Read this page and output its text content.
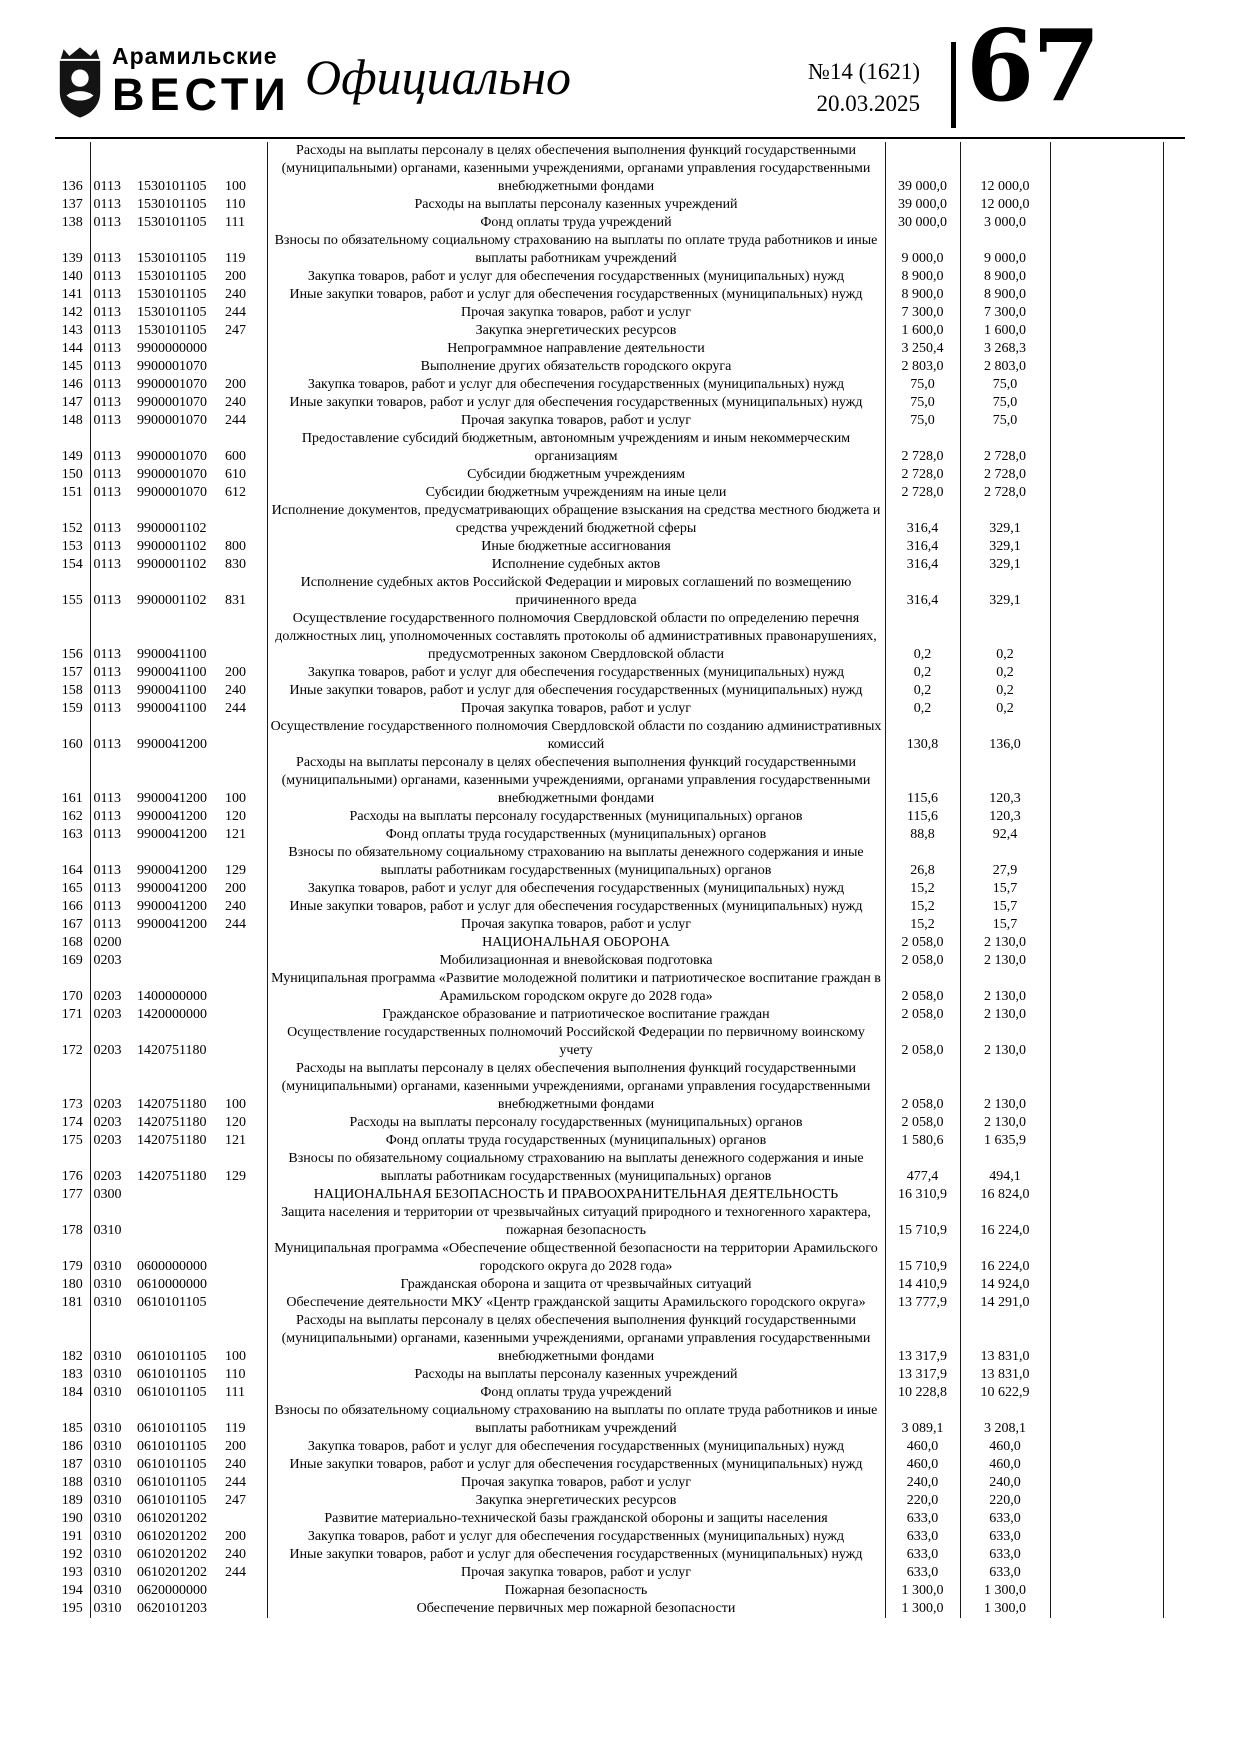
Арамильские
ВЕСТИ Официально	№14 (1621)
20.03.2025 67
136	0113	1530101105	100	Расходы на выплаты персоналу в целях обеспечения выполнения функций государственными (муниципальными) органами, казенными учреждениями, органами управления государственными внебюджетными фондами	39 000,0	12 000,0	
137	0113	1530101105	110	Расходы на выплаты персоналу казенных учреждений	39 000,0	12 000,0	
138	0113	1530101105	111	Фонд оплаты труда учреждений	30 000,0	3 000,0	
139	0113	1530101105	119	Взносы по обязательному социальному страхованию на выплаты по оплате труда работников и иные выплаты работникам учреждений	9 000,0	9 000,0	
140	0113	1530101105	200	Закупка товаров, работ и услуг для обеспечения государственных (муниципальных) нужд	8 900,0	8 900,0	
141	0113	1530101105	240	Иные закупки товаров, работ и услуг для обеспечения государственных (муниципальных) нужд	8 900,0	8 900,0	
142	0113	1530101105	244	Прочая закупка товаров, работ и услуг	7 300,0	7 300,0	
143	0113	1530101105	247	Закупка энергетических ресурсов	1 600,0	1 600,0	
144	0113	9900000000		Непрограммное направление деятельности	3 250,4	3 268,3	
145	0113	9900001070		Выполнение других обязательств городского округа	2 803,0	2 803,0	
146	0113	9900001070	200	Закупка товаров, работ и услуг для обеспечения государственных (муниципальных) нужд	75,0	75,0	
147	0113	9900001070	240	Иные закупки товаров, работ и услуг для обеспечения государственных (муниципальных) нужд	75,0	75,0	
148	0113	9900001070	244	Прочая закупка товаров, работ и услуг	75,0	75,0	
149	0113	9900001070	600	Предоставление субсидий бюджетным, автономным учреждениям и иным некоммерческим организациям	2 728,0	2 728,0	
150	0113	9900001070	610	Субсидии бюджетным учреждениям	2 728,0	2 728,0	
151	0113	9900001070	612	Субсидии бюджетным учреждениям на иные цели	2 728,0	2 728,0	
152	0113	9900001102		Исполнение документов, предусматривающих обращение взыскания на средства местного бюджета и средства учреждений бюджетной сферы	316,4	329,1	
153	0113	9900001102	800	Иные бюджетные ассигнования	316,4	329,1	
154	0113	9900001102	830	Исполнение судебных актов	316,4	329,1	
155	0113	9900001102	831	Исполнение судебных актов Российской Федерации и мировых соглашений по возмещению причиненного вреда	316,4	329,1	
156	0113	9900041100		Осуществление государственного полномочия Свердловской области по определению перечня должностных лиц, уполномоченных составлять протоколы об административных правонарушениях, предусмотренных законом Свердловской области	0,2	0,2	
157	0113	9900041100	200	Закупка товаров, работ и услуг для обеспечения государственных (муниципальных) нужд	0,2	0,2	
158	0113	9900041100	240	Иные закупки товаров, работ и услуг для обеспечения государственных (муниципальных) нужд	0,2	0,2	
159	0113	9900041100	244	Прочая закупка товаров, работ и услуг	0,2	0,2	
160	0113	9900041200		Осуществление государственного полномочия Свердловской области по созданию административных комиссий	130,8	136,0	
161	0113	9900041200	100	Расходы на выплаты персоналу в целях обеспечения выполнения функций государственными (муниципальными) органами, казенными учреждениями, органами управления государственными внебюджетными фондами	115,6	120,3	
162	0113	9900041200	120	Расходы на выплаты персоналу государственных (муниципальных) органов	115,6	120,3	
163	0113	9900041200	121	Фонд оплаты труда государственных (муниципальных) органов	88,8	92,4	
164	0113	9900041200	129	Взносы по обязательному социальному страхованию на выплаты денежного содержания и иные выплаты работникам государственных (муниципальных) органов	26,8	27,9	
165	0113	9900041200	200	Закупка товаров, работ и услуг для обеспечения государственных (муниципальных) нужд	15,2	15,7	
166	0113	9900041200	240	Иные закупки товаров, работ и услуг для обеспечения государственных (муниципальных) нужд	15,2	15,7	
167	0113	9900041200	244	Прочая закупка товаров, работ и услуг	15,2	15,7	
168	0200			НАЦИОНАЛЬНАЯ ОБОРОНА	2 058,0	2 130,0	
169	0203			Мобилизационная и вневойсковая подготовка	2 058,0	2 130,0	
170	0203	1400000000		Муниципальная программа «Развитие молодежной политики и патриотическое воспитание граждан в Арамильском городском округе до 2028 года»	2 058,0	2 130,0	
171	0203	1420000000		Гражданское образование и патриотическое воспитание граждан	2 058,0	2 130,0	
172	0203	1420751180		Осуществление государственных полномочий Российской Федерации по первичному воинскому учету	2 058,0	2 130,0	
173	0203	1420751180	100	Расходы на выплаты персоналу в целях обеспечения выполнения функций государственными (муниципальными) органами, казенными учреждениями, органами управления государственными внебюджетными фондами	2 058,0	2 130,0	
174	0203	1420751180	120	Расходы на выплаты персоналу государственных (муниципальных) органов	2 058,0	2 130,0	
175	0203	1420751180	121	Фонд оплаты труда государственных (муниципальных) органов	1 580,6	1 635,9	
176	0203	1420751180	129	Взносы по обязательному социальному страхованию на выплаты денежного содержания и иные выплаты работникам государственных (муниципальных) органов	477,4	494,1	
177	0300			НАЦИОНАЛЬНАЯ БЕЗОПАСНОСТЬ И ПРАВООХРАНИТЕЛЬНАЯ ДЕЯТЕЛЬНОСТЬ	16 310,9	16 824,0	
178	0310			Защита населения и территории от чрезвычайных ситуаций природного и техногенного характера, пожарная безопасность	15 710,9	16 224,0	
179	0310	0600000000		Муниципальная программа «Обеспечение общественной безопасности на территории Арамильского городского округа до 2028 года»	15 710,9	16 224,0	
180	0310	0610000000		Гражданская оборона и защита от чрезвычайных ситуаций	14 410,9	14 924,0	
181	0310	0610101105		Обеспечение деятельности МКУ «Центр гражданской защиты Арамильского городского округа»	13 777,9	14 291,0	
182	0310	0610101105	100	Расходы на выплаты персоналу в целях обеспечения выполнения функций государственными (муниципальными) органами, казенными учреждениями, органами управления государственными внебюджетными фондами	13 317,9	13 831,0	
183	0310	0610101105	110	Расходы на выплаты персоналу казенных учреждений	13 317,9	13 831,0	
184	0310	0610101105	111	Фонд оплаты труда учреждений	10 228,8	10 622,9	
185	0310	0610101105	119	Взносы по обязательному социальному страхованию на выплаты по оплате труда работников и иные выплаты работникам учреждений	3 089,1	3 208,1	
186	0310	0610101105	200	Закупка товаров, работ и услуг для обеспечения государственных (муниципальных) нужд	460,0	460,0	
187	0310	0610101105	240	Иные закупки товаров, работ и услуг для обеспечения государственных (муниципальных) нужд	460,0	460,0	
188	0310	0610101105	244	Прочая закупка товаров, работ и услуг	240,0	240,0	
189	0310	0610101105	247	Закупка энергетических ресурсов	220,0	220,0	
190	0310	0610201202		Развитие материально-технической базы гражданской обороны и защиты населения	633,0	633,0	
191	0310	0610201202	200	Закупка товаров, работ и услуг для обеспечения государственных (муниципальных) нужд	633,0	633,0	
192	0310	0610201202	240	Иные закупки товаров, работ и услуг для обеспечения государственных (муниципальных) нужд	633,0	633,0	
193	0310	0610201202	244	Прочая закупка товаров, работ и услуг	633,0	633,0	
194	0310	0620000000		Пожарная безопасность	1 300,0	1 300,0	
195	0310	0620101203		Обеспечение первичных мер пожарной безопасности	1 300,0	1 300,0	
